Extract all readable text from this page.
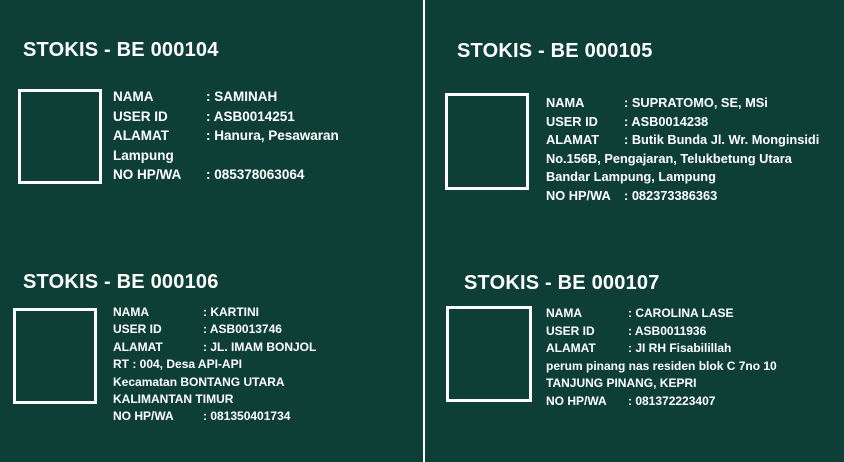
STOKIS - BE 000104
NAMA	: SAMINAH
USER ID	: ASB0014251
ALAMAT	: Hanura, Pesawaran
Lampung
NO HP/WA : 085378063064
STOKIS - BE 000105
NAMA	: SUPRATOMO, SE, MSi
USER ID : ASB0014238
ALAMAT : Butik Bunda Jl. Wr. Monginsidi
No.156B, Pengajaran, Telukbetung Utara
Bandar Lampung, Lampung
NO HP/WA : 082373386363
STOKIS - BE 000106
NAMA	: KARTINI
USER ID	: ASB0013746
ALAMAT	: JL. IMAM BONJOL
RT : 004, Desa API-API
Kecamatan BONTANG UTARA
KALIMANTAN TIMUR
NO HP/WA : 081350401734
STOKIS - BE 000107
NAMA	: CAROLINA LASE
USER ID	: ASB0011936
ALAMAT	: JI RH Fisabilillah
perum pinang nas residen blok C 7no 10
TANJUNG PINANG, KEPRI
NO HP/WA : 081372223407
